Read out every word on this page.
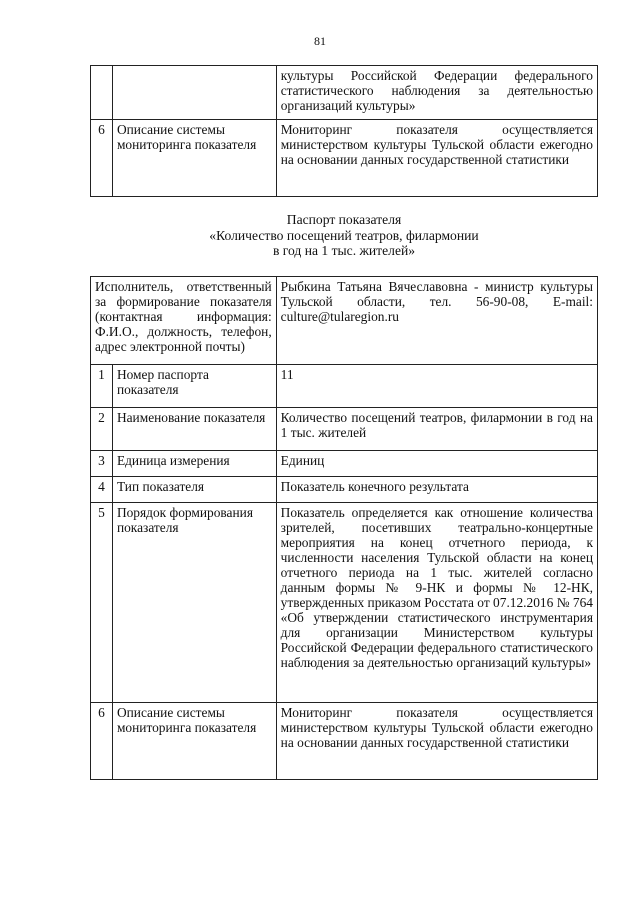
81
		культуры Российской Федерации федерального статистического наблюдения за деятельностью организаций культуры»
6	Описание системы мониторинга показателя	Мониторинг показателя осуществляется министерством культуры Тульской области ежегодно на основании данных государственной статистики
Паспорт показателя
«Количество посещений театров, филармонии
в год на 1 тыс. жителей»
Исполнитель, ответственный за формирование показателя (контактная информация: Ф.И.О., должность, телефон, адрес электронной почты)		Рыбкина Татьяна Вячеславовна - министр культуры Тульской области, тел. 56-90-08, E-mail: culture@tularegion.ru
1	Номер паспорта показателя	11
2	Наименование показателя	Количество посещений театров, филармонии в год на 1 тыс. жителей
3	Единица измерения	Единиц
4	Тип показателя	Показатель конечного результата
5	Порядок формирования показателя	Показатель определяется как отношение количества зрителей, посетивших театрально-концертные мероприятия на конец отчетного периода, к численности населения Тульской области на конец отчетного периода на 1 тыс. жителей согласно данным формы № 9-НК и формы № 12-НК, утвержденных приказом Росстата от 07.12.2016 № 764 «Об утверждении статистического инструментария для организации Министерством культуры Российской Федерации федерального статистического наблюдения за деятельностью организаций культуры»
6	Описание системы мониторинга показателя	Мониторинг показателя осуществляется министерством культуры Тульской области ежегодно на основании данных государственной статистики
